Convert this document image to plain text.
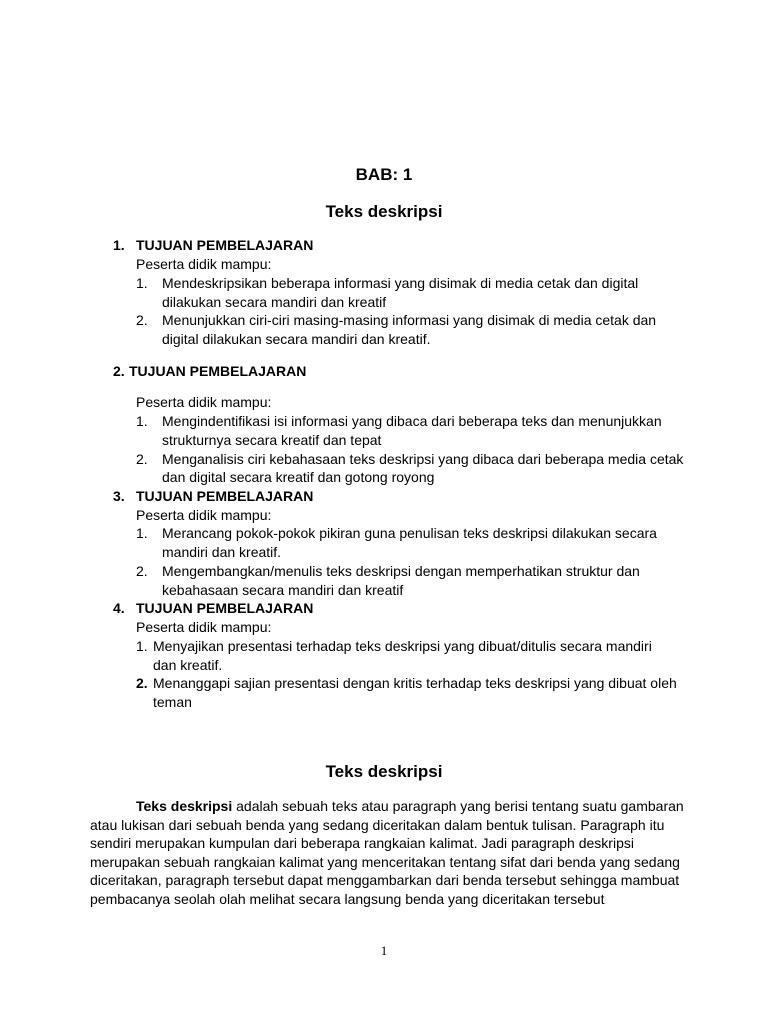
BAB: 1
Teks deskripsi
1. TUJUAN PEMBELAJARAN
Peserta didik mampu:
1. Mendeskripsikan beberapa informasi yang disimak di media cetak dan digital
dilakukan secara mandiri dan kreatif
2. Menunjukkan ciri-ciri masing-masing informasi yang disimak di media cetak dan
digital dilakukan secara mandiri dan kreatif.
2. TUJUAN PEMBELAJARAN
Peserta didik mampu:
1. Mengindentifikasi isi informasi yang dibaca dari beberapa teks dan menunjukkan
strukturnya secara kreatif dan tepat
2. Menganalisis ciri kebahasaan teks deskripsi yang dibaca dari beberapa media cetak
dan digital secara kreatif dan gotong royong
3. TUJUAN PEMBELAJARAN
Peserta didik mampu:
1. Merancang pokok-pokok pikiran guna penulisan teks deskripsi dilakukan secara
mandiri dan kreatif.
2. Mengembangkan/menulis teks deskripsi dengan memperhatikan struktur dan
kebahasaan secara mandiri dan kreatif
4. TUJUAN PEMBELAJARAN
Peserta didik mampu:
1. Menyajikan presentasi terhadap teks deskripsi yang dibuat/ditulis secara mandiri
dan kreatif.
2. Menanggapi sajian presentasi dengan kritis terhadap teks deskripsi yang dibuat oleh
teman
Teks deskripsi
Teks deskripsi adalah sebuah teks atau paragraph yang berisi tentang suatu gambaran
atau lukisan dari sebuah benda yang sedang diceritakan dalam bentuk tulisan. Paragraph itu
sendiri merupakan kumpulan dari beberapa rangkaian kalimat. Jadi paragraph deskripsi
merupakan sebuah rangkaian kalimat yang menceritakan tentang sifat dari benda yang sedang
diceritakan, paragraph tersebut dapat menggambarkan dari benda tersebut sehingga mambuat
pembacanya seolah olah melihat secara langsung benda yang diceritakan tersebut
1
